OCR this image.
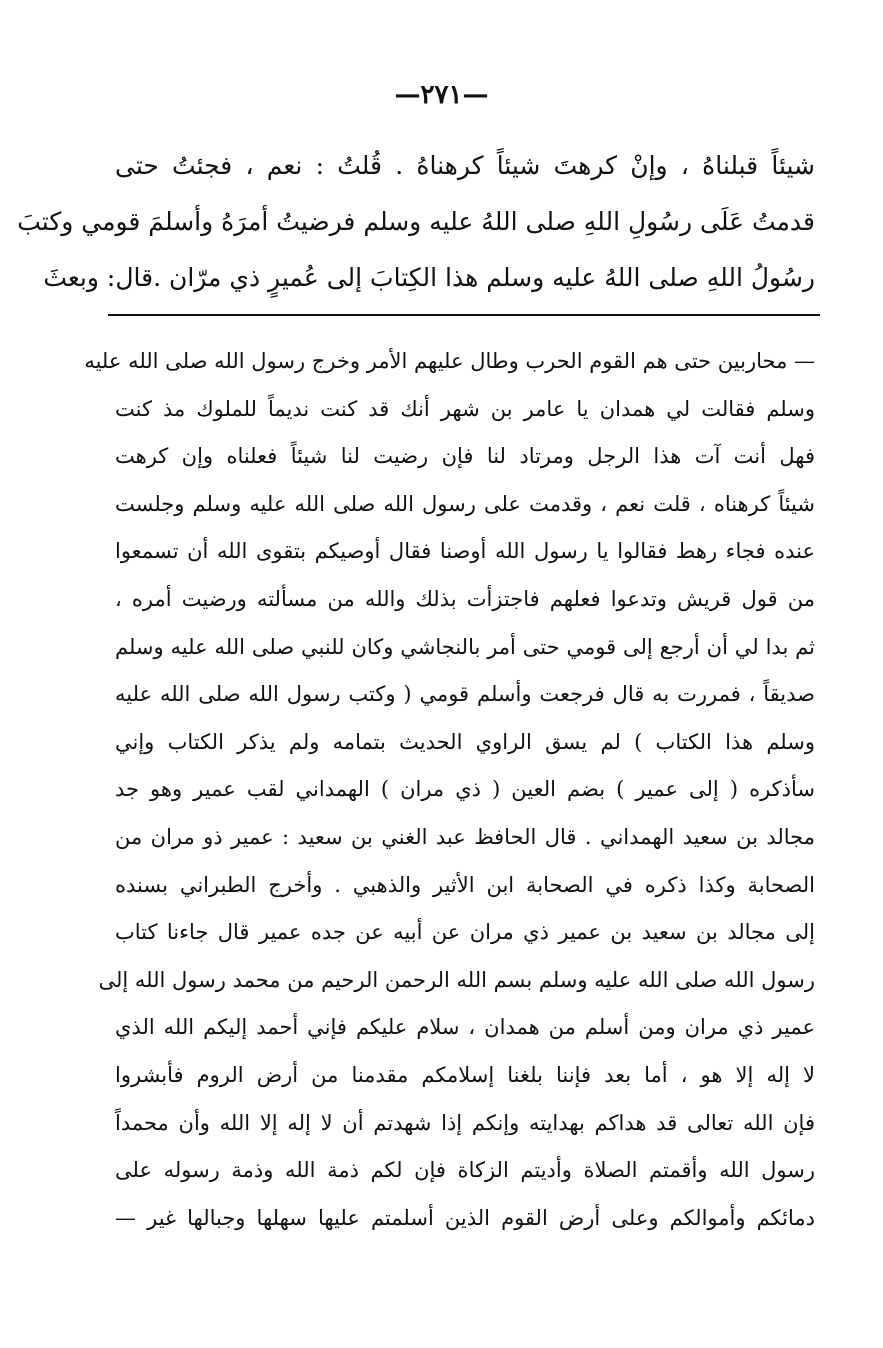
—٢٧١—
شيئاً قبلناهُ ، وإنْ كرهتَ شيئاً كرهناهُ . قُلتُ : نعم ، فجئتُ حتى
قدمتُ عَلَى رسُولِ اللهِ صلى اللهُ عليه وسلم فرضيتُ أمرَهُ وأسلمَ قومي وكتبَ
رسُولُ اللهِ صلى اللهُ عليه وسلم هذا الكِتابَ إلى عُميرٍ ذي مرّان .قال: وبعثَ
— محاربين حتى هم القوم الحرب وطال عليهم الأمر وخرج رسول الله صلى الله عليه
وسلم فقالت لي همدان يا عامر بن شهر أنك قد كنت نديماً للملوك مذ كنت
فهل أنت آت هذا الرجل ومرتاد لنا فإن رضيت لنا شيئاً فعلناه وإن كرهت
شيئاً كرهناه ، قلت نعم ، وقدمت على رسول الله صلى الله عليه وسلم وجلست
عنده فجاء رهط فقالوا يا رسول الله أوصنا فقال أوصيكم بتقوى الله أن تسمعوا
من قول قريش وتدعوا فعلهم فاجتزأت بذلك والله من مسألته ورضيت أمره ،
ثم بدا لي أن أرجع إلى قومي حتى أمر بالنجاشي وكان للنبي صلى الله عليه وسلم
صديقاً ، فمررت به قال فرجعت وأسلم قومي ( وكتب رسول الله صلى الله عليه
وسلم هذا الكتاب ) لم يسق الراوي الحديث بتمامه ولم يذكر الكتاب وإني
سأذكره ( إلى عمير ) بضم العين ( ذي مران ) الهمداني لقب عمير وهو جد
مجالد بن سعيد الهمداني . قال الحافظ عبد الغني بن سعيد : عمير ذو مران من
الصحابة وكذا ذكره في الصحابة ابن الأثير والذهبي . وأخرج الطبراني بسنده
إلى مجالد بن سعيد بن عمير ذي مران عن أبيه عن جده عمير قال جاءنا كتاب
رسول الله صلى الله عليه وسلم بسم الله الرحمن الرحيم من محمد رسول الله إلى
عمير ذي مران ومن أسلم من همدان ، سلام عليكم فإني أحمد إليكم الله الذي
لا إله إلا هو ، أما بعد فإننا بلغنا إسلامكم مقدمنا من أرض الروم فأبشروا
فإن الله تعالى قد هداكم بهدايته وإنكم إذا شهدتم أن لا إله إلا الله وأن محمداً
رسول الله وأقمتم الصلاة وأديتم الزكاة فإن لكم ذمة الله وذمة رسوله على
دمائكم وأموالكم وعلى أرض القوم الذين أسلمتم عليها سهلها وجبالها غير —
